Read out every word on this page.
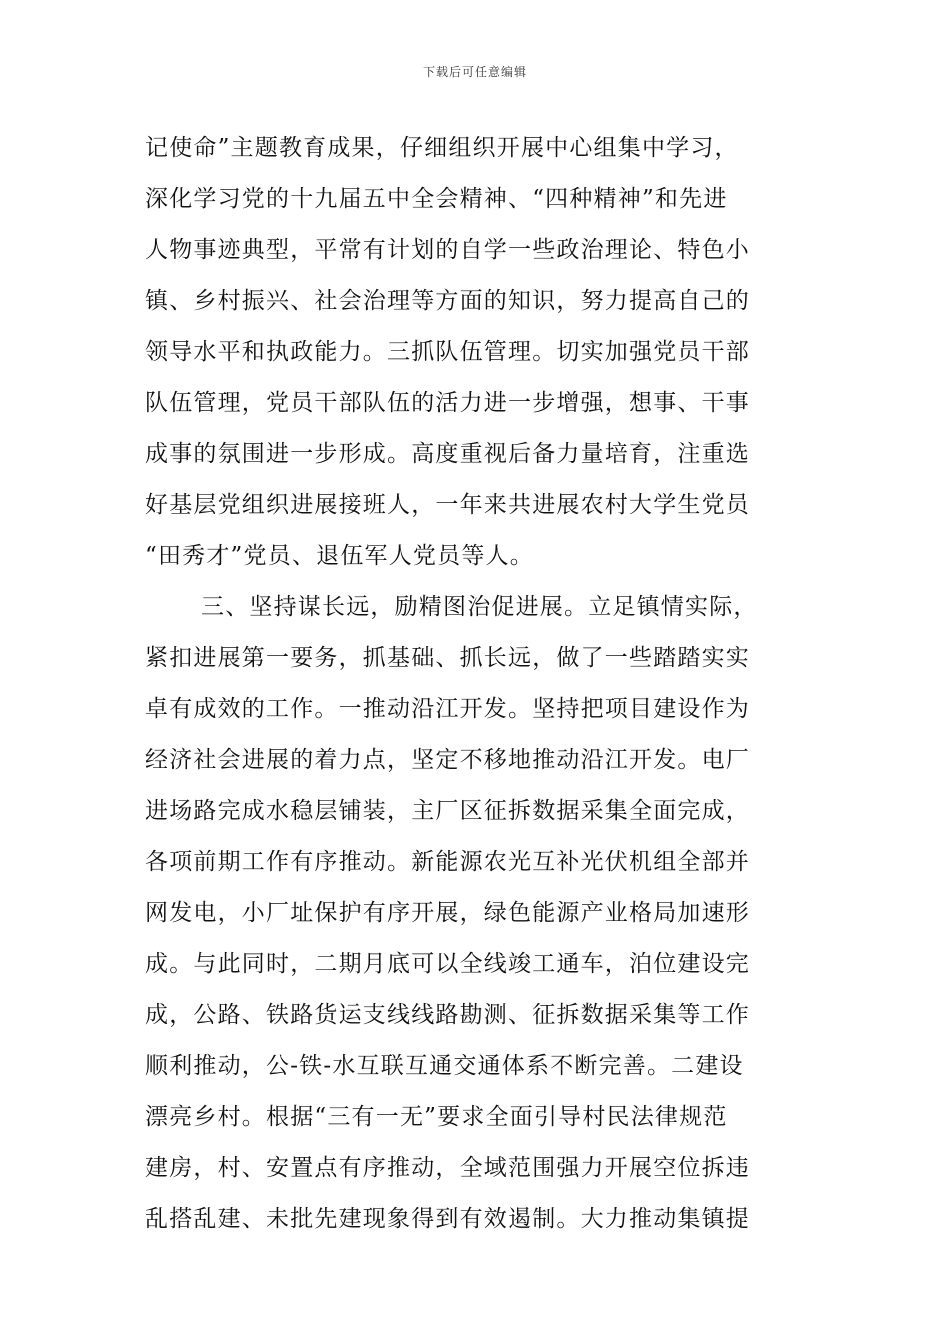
下载后可任意编辑
记使命”主题教育成果，仔细组织开展中心组集中学习，
深化学习党的十九届五中全会精神、“四种精神”和先进
人物事迹典型，平常有计划的自学一些政治理论、特色小
镇、乡村振兴、社会治理等方面的知识，努力提高自己的
领导水平和执政能力。三抓队伍管理。切实加强党员干部
队伍管理，党员干部队伍的活力进一步增强，想事、干事
成事的氛围进一步形成。高度重视后备力量培育，注重选
好基层党组织进展接班人，一年来共进展农村大学生党员
“田秀才”党员、退伍军人党员等人。
三、坚持谋长远，励精图治促进展。立足镇情实际，
紧扣进展第一要务，抓基础、抓长远，做了一些踏踏实实
卓有成效的工作。一推动沿江开发。坚持把项目建设作为
经济社会进展的着力点，坚定不移地推动沿江开发。电厂
进场路完成水稳层铺装，主厂区征拆数据采集全面完成，
各项前期工作有序推动。新能源农光互补光伏机组全部并
网发电，小厂址保护有序开展，绿色能源产业格局加速形
成。与此同时，二期月底可以全线竣工通车，泊位建设完
成，公路、铁路货运支线线路勘测、征拆数据采集等工作
顺利推动，公-铁-水互联互通交通体系不断完善。二建设
漂亮乡村。根据“三有一无”要求全面引导村民法律规范
建房，村、安置点有序推动，全域范围强力开展空位拆违
乱搭乱建、未批先建现象得到有效遏制。大力推动集镇提
